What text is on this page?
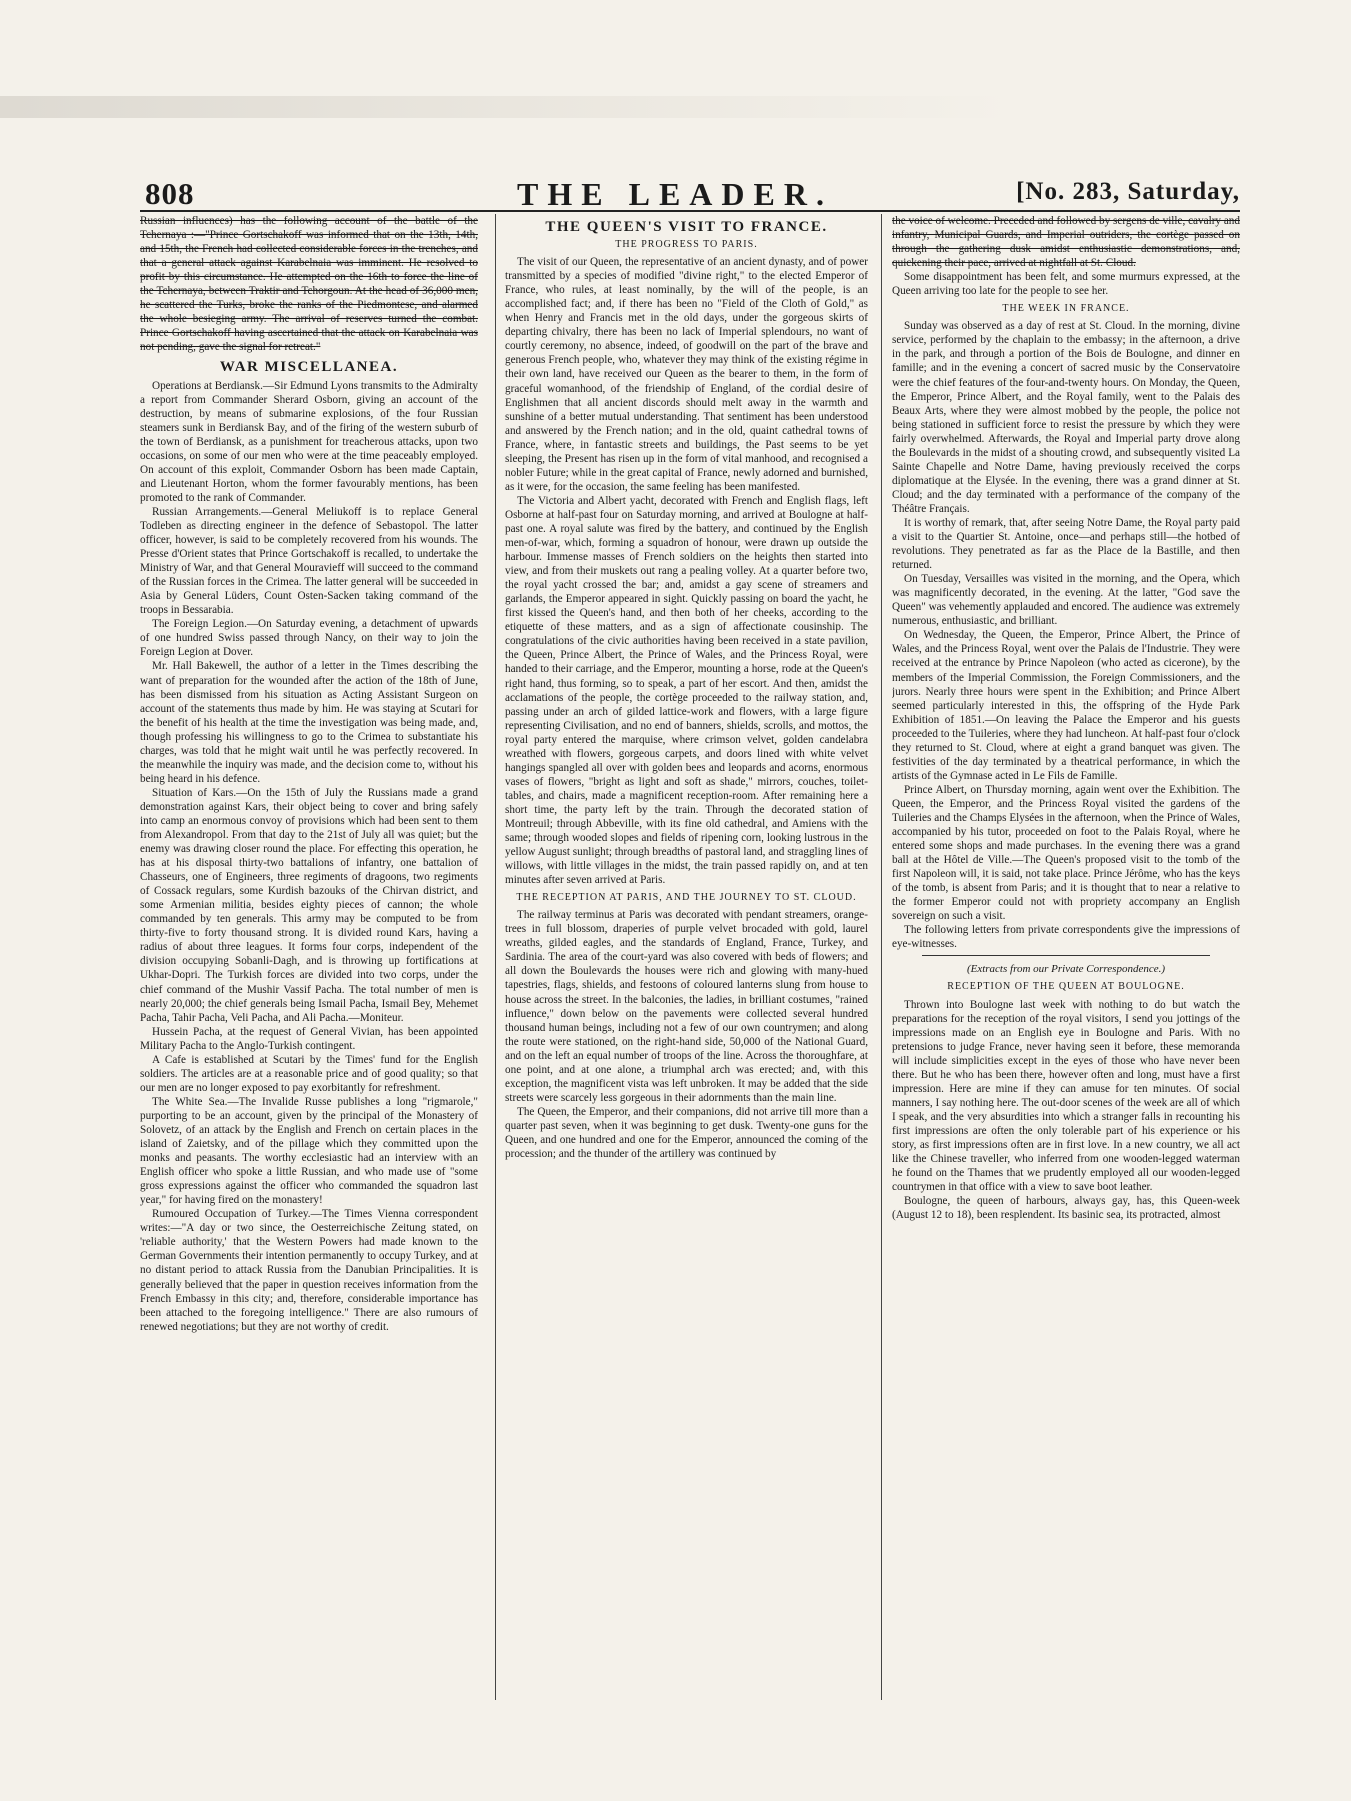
808	THE LEADER.	[No. 283, Saturday,

Russian influences) has the following account of the battle of the Tchernaya :—"Prince Gortschakoff was informed that on the 13th, 14th, and 15th, the French had collected considerable forces in the trenches, and that a general attack against Karabelnaia was imminent. He resolved to profit by this circumstance. He attempted on the 16th to force the line of the Tchernaya, between Traktir and Tchorgoun. At the head of 36,000 men, he scattered the Turks, broke the ranks of the Piedmontese, and alarmed the whole besieging army. The arrival of reserves turned the combat. Prince Gortschakoff having ascertained that the attack on Karabelnaia was not pending, gave the signal for retreat."

WAR MISCELLANEA.

Operations at Berdiansk.—Sir Edmund Lyons transmits to the Admiralty a report from Commander Sherard Osborn, giving an account of the destruction, by means of submarine explosions, of the four Russian steamers sunk in Berdiansk Bay, and of the firing of the western suburb of the town of Berdiansk, as a punishment for treacherous attacks, upon two occasions, on some of our men who were at the time peaceably employed. On account of this exploit, Commander Osborn has been made Captain, and Lieutenant Horton, whom the former favourably mentions, has been promoted to the rank of Commander.

Russian Arrangements.—General Meliukoff is to replace General Todleben as directing engineer in the defence of Sebastopol. The latter officer, however, is said to be completely recovered from his wounds. The Presse d'Orient states that Prince Gortschakoff is recalled, to undertake the Ministry of War, and that General Mouravieff will succeed to the command of the Russian forces in the Crimea. The latter general will be succeeded in Asia by General Lüders, Count Osten-Sacken taking command of the troops in Bessarabia.

The Foreign Legion.—On Saturday evening, a detachment of upwards of one hundred Swiss passed through Nancy, on their way to join the Foreign Legion at Dover.

Mr. Hall Bakewell, the author of a letter in the Times describing the want of preparation for the wounded after the action of the 18th of June, has been dismissed from his situation as Acting Assistant Surgeon on account of the statements thus made by him. He was staying at Scutari for the benefit of his health at the time the investigation was being made, and, though professing his willingness to go to the Crimea to substantiate his charges, was told that he might wait until he was perfectly recovered. In the meanwhile the inquiry was made, and the decision come to, without his being heard in his defence.

Situation of Kars.—On the 15th of July the Russians made a grand demonstration against Kars, their object being to cover and bring safely into camp an enormous convoy of provisions which had been sent to them from Alexandropol. From that day to the 21st of July all was quiet; but the enemy was drawing closer round the place. For effecting this operation, he has at his disposal thirty-two battalions of infantry, one battalion of Chasseurs, one of Engineers, three regiments of dragoons, two regiments of Cossack regulars, some Kurdish bazouks of the Chirvan district, and some Armenian militia, besides eighty pieces of cannon; the whole commanded by ten generals. This army may be computed to be from thirty-five to forty thousand strong. It is divided round Kars, having a radius of about three leagues. It forms four corps, independent of the division occupying Sobanli-Dagh, and is throwing up fortifications at Ukhar-Dopri. The Turkish forces are divided into two corps, under the chief command of the Mushir Vassif Pacha. The total number of men is nearly 20,000; the chief generals being Ismail Pacha, Ismail Bey, Mehemet Pacha, Tahir Pacha, Veli Pacha, and Ali Pacha.—Moniteur.

Hussein Pacha, at the request of General Vivian, has been appointed Military Pacha to the Anglo-Turkish contingent.

A Cafe is established at Scutari by the Times' fund for the English soldiers. The articles are at a reasonable price and of good quality; so that our men are no longer exposed to pay exorbitantly for refreshment.

The White Sea.—The Invalide Russe publishes a long "rigmarole," purporting to be an account, given by the principal of the Monastery of Solovetz, of an attack by the English and French on certain places in the island of Zaietsky, and of the pillage which they committed upon the monks and peasants. The worthy ecclesiastic had an interview with an English officer who spoke a little Russian, and who made use of "some gross expressions against the officer who commanded the squadron last year," for having fired on the monastery!

Rumoured Occupation of Turkey.—The Times Vienna correspondent writes:—"A day or two since, the Oesterreichische Zeitung stated, on 'reliable authority,' that the Western Powers had made known to the German Governments their intention permanently to occupy Turkey, and at no distant period to attack Russia from the Danubian Principalities. It is generally believed that the paper in question receives information from the French Embassy in this city; and, therefore, considerable importance has been attached to the foregoing intelligence." There are also rumours of renewed negotiations; but they are not worthy of credit.

THE QUEEN'S VISIT TO FRANCE.
THE PROGRESS TO PARIS.

The visit of our Queen, the representative of an ancient dynasty, and of power transmitted by a species of modified "divine right," to the elected Emperor of France, who rules, at least nominally, by the will of the people, is an accomplished fact; and, if there has been no "Field of the Cloth of Gold," as when Henry and Francis met in the old days, under the gorgeous skirts of departing chivalry, there has been no lack of Imperial splendours, no want of courtly ceremony, no absence, indeed, of goodwill on the part of the brave and generous French people, who, whatever they may think of the existing régime in their own land, have received our Queen as the bearer to them, in the form of graceful womanhood, of the friendship of England, of the cordial desire of Englishmen that all ancient discords should melt away in the warmth and sunshine of a better mutual understanding. That sentiment has been understood and answered by the French nation; and in the old, quaint cathedral towns of France, where, in fantastic streets and buildings, the Past seems to be yet sleeping, the Present has risen up in the form of vital manhood, and recognised a nobler Future; while in the great capital of France, newly adorned and burnished, as it were, for the occasion, the same feeling has been manifested.

The Victoria and Albert yacht, decorated with French and English flags, left Osborne at half-past four on Saturday morning, and arrived at Boulogne at half-past one. A royal salute was fired by the battery, and continued by the English men-of-war, which, forming a squadron of honour, were drawn up outside the harbour. Immense masses of French soldiers on the heights then started into view, and from their muskets out rang a pealing volley. At a quarter before two, the royal yacht crossed the bar; and, amidst a gay scene of streamers and garlands, the Emperor appeared in sight. Quickly passing on board the yacht, he first kissed the Queen's hand, and then both of her cheeks, according to the etiquette of these matters, and as a sign of affectionate cousinship. The congratulations of the civic authorities having been received in a state pavilion, the Queen, Prince Albert, the Prince of Wales, and the Princess Royal, were handed to their carriage, and the Emperor, mounting a horse, rode at the Queen's right hand, thus forming, so to speak, a part of her escort. And then, amidst the acclamations of the people, the cortège proceeded to the railway station, and, passing under an arch of gilded lattice-work and flowers, with a large figure representing Civilisation, and no end of banners, shields, scrolls, and mottos, the royal party entered the marquise, where crimson velvet, golden candelabra wreathed with flowers, gorgeous carpets, and doors lined with white velvet hangings spangled all over with golden bees and leopards and acorns, enormous vases of flowers, "bright as light and soft as shade," mirrors, couches, toilet-tables, and chairs, made a magnificent reception-room. After remaining here a short time, the party left by the train. Through the decorated station of Montreuil; through Abbeville, with its fine old cathedral, and Amiens with the same; through wooded slopes and fields of ripening corn, looking lustrous in the yellow August sunlight; through breadths of pastoral land, and straggling lines of willows, with little villages in the midst, the train passed rapidly on, and at ten minutes after seven arrived at Paris.

THE RECEPTION AT PARIS, AND THE JOURNEY TO ST. CLOUD.

The railway terminus at Paris was decorated with pendant streamers, orange-trees in full blossom, draperies of purple velvet brocaded with gold, laurel wreaths, gilded eagles, and the standards of England, France, Turkey, and Sardinia. The area of the court-yard was also covered with beds of flowers; and all down the Boulevards the houses were rich and glowing with many-hued tapestries, flags, shields, and festoons of coloured lanterns slung from house to house across the street. In the balconies, the ladies, in brilliant costumes, "rained influence," down below on the pavements were collected several hundred thousand human beings, including not a few of our own countrymen; and along the route were stationed, on the right-hand side, 50,000 of the National Guard, and on the left an equal number of troops of the line. Across the thoroughfare, at one point, and at one alone, a triumphal arch was erected; and, with this exception, the magnificent vista was left unbroken. It may be added that the side streets were scarcely less gorgeous in their adornments than the main line.

The Queen, the Emperor, and their companions, did not arrive till more than a quarter past seven, when it was beginning to get dusk. Twenty-one guns for the Queen, and one hundred and one for the Emperor, announced the coming of the procession; and the thunder of the artillery was continued by

the voice of welcome. Preceded and followed by sergens de ville, cavalry and infantry, Municipal Guards, and Imperial outriders, the cortège passed on through the gathering dusk amidst enthusiastic demonstrations, and, quickening their pace, arrived at nightfall at St. Cloud.

Some disappointment has been felt, and some murmurs expressed, at the Queen arriving too late for the people to see her.

THE WEEK IN FRANCE.

Sunday was observed as a day of rest at St. Cloud. In the morning, divine service, performed by the chaplain to the embassy; in the afternoon, a drive in the park, and through a portion of the Bois de Boulogne, and dinner en famille; and in the evening a concert of sacred music by the Conservatoire were the chief features of the four-and-twenty hours. On Monday, the Queen, the Emperor, Prince Albert, and the Royal family, went to the Palais des Beaux Arts, where they were almost mobbed by the people, the police not being stationed in sufficient force to resist the pressure by which they were fairly overwhelmed. Afterwards, the Royal and Imperial party drove along the Boulevards in the midst of a shouting crowd, and subsequently visited La Sainte Chapelle and Notre Dame, having previously received the corps diplomatique at the Elysée. In the evening, there was a grand dinner at St. Cloud; and the day terminated with a performance of the company of the Théâtre Français.

It is worthy of remark, that, after seeing Notre Dame, the Royal party paid a visit to the Quartier St. Antoine, once—and perhaps still—the hotbed of revolutions. They penetrated as far as the Place de la Bastille, and then returned.

On Tuesday, Versailles was visited in the morning, and the Opera, which was magnificently decorated, in the evening. At the latter, "God save the Queen" was vehemently applauded and encored. The audience was extremely numerous, enthusiastic, and brilliant.

On Wednesday, the Queen, the Emperor, Prince Albert, the Prince of Wales, and the Princess Royal, went over the Palais de l'Industrie. They were received at the entrance by Prince Napoleon (who acted as cicerone), by the members of the Imperial Commission, the Foreign Commissioners, and the jurors. Nearly three hours were spent in the Exhibition; and Prince Albert seemed particularly interested in this, the offspring of the Hyde Park Exhibition of 1851.—On leaving the Palace the Emperor and his guests proceeded to the Tuileries, where they had luncheon. At half-past four o'clock they returned to St. Cloud, where at eight a grand banquet was given. The festivities of the day terminated by a theatrical performance, in which the artists of the Gymnase acted in Le Fils de Famille.

Prince Albert, on Thursday morning, again went over the Exhibition. The Queen, the Emperor, and the Princess Royal visited the gardens of the Tuileries and the Champs Elysées in the afternoon, when the Prince of Wales, accompanied by his tutor, proceeded on foot to the Palais Royal, where he entered some shops and made purchases. In the evening there was a grand ball at the Hôtel de Ville.—The Queen's proposed visit to the tomb of the first Napoleon will, it is said, not take place. Prince Jérôme, who has the keys of the tomb, is absent from Paris; and it is thought that to near a relative to the former Emperor could not with propriety accompany an English sovereign on such a visit.

The following letters from private correspondents give the impressions of eye-witnesses.

(Extracts from our Private Correspondence.)
RECEPTION OF THE QUEEN AT BOULOGNE.

Thrown into Boulogne last week with nothing to do but watch the preparations for the reception of the royal visitors, I send you jottings of the impressions made on an English eye in Boulogne and Paris. With no pretensions to judge France, never having seen it before, these memoranda will include simplicities except in the eyes of those who have never been there. But he who has been there, however often and long, must have a first impression. Here are mine if they can amuse for ten minutes. Of social manners, I say nothing here. The out-door scenes of the week are all of which I speak, and the very absurdities into which a stranger falls in recounting his first impressions are often the only tolerable part of his experience or his story, as first impressions often are in first love. In a new country, we all act like the Chinese traveller, who inferred from one wooden-legged waterman he found on the Thames that we prudently employed all our wooden-legged countrymen in that office with a view to save boot leather.

Boulogne, the queen of harbours, always gay, has, this Queen-week (August 12 to 18), been resplendent. Its basinic sea, its protracted, almost
